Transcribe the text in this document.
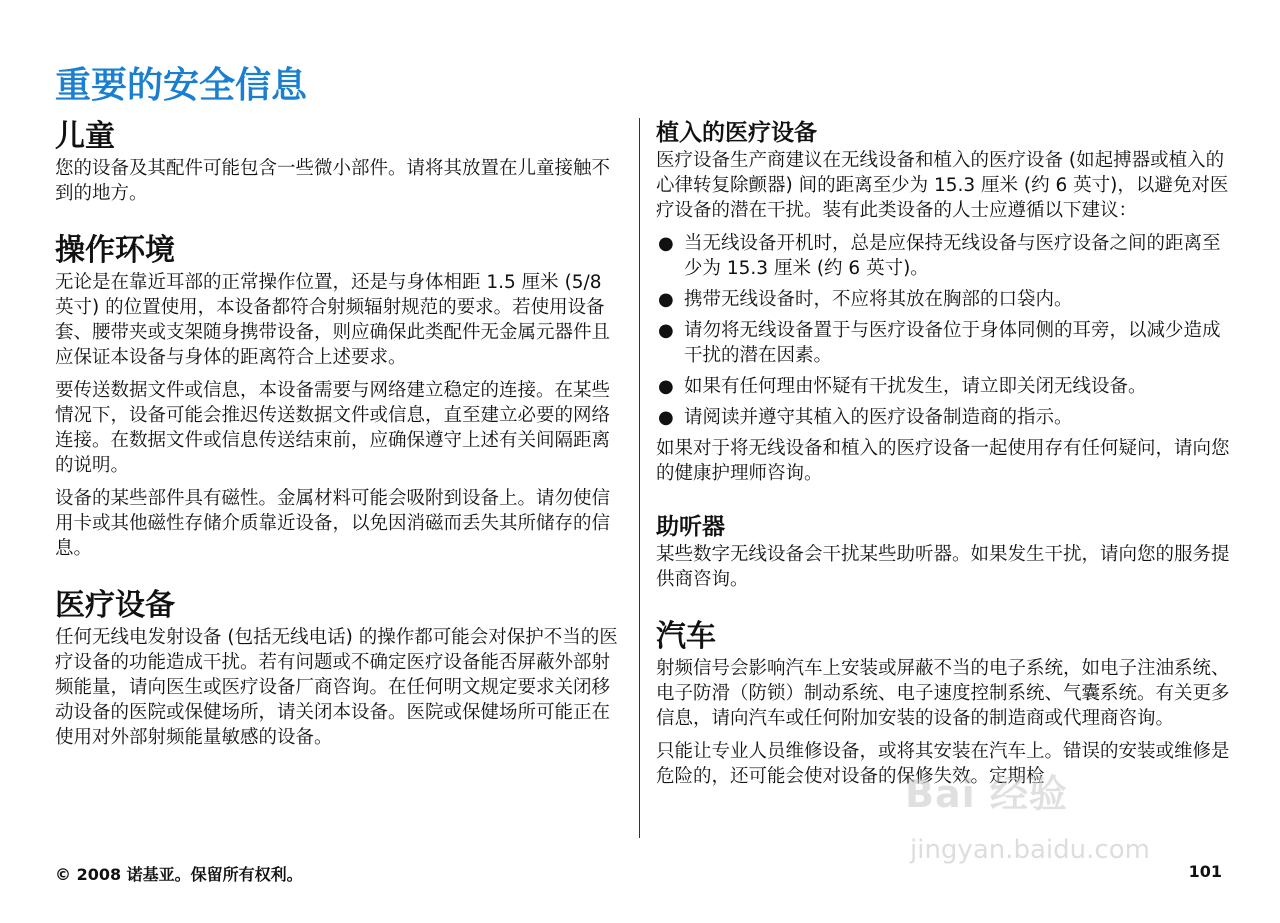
重要的安全信息
儿童

您的设备及其配件可能包含一些微小部件。请将其放置在儿童接触不到的地方。

操作环境

无论是在靠近耳部的正常操作位置，还是与身体相距 1.5 厘米 (5/8 英寸) 的位置使用，本设备都符合射频辐射规范的要求。若使用设备套、腰带夹或支架随身携带设备，则应确保此类配件无金属元器件且应保证本设备与身体的距离符合上述要求。

要传送数据文件或信息，本设备需要与网络建立稳定的连接。在某些情况下，设备可能会推迟传送数据文件或信息，直至建立必要的网络连接。在数据文件或信息传送结束前，应确保遵守上述有关间隔距离的说明。

设备的某些部件具有磁性。金属材料可能会吸附到设备上。请勿使信用卡或其他磁性存储介质靠近设备，以免因消磁而丢失其所储存的信息。

医疗设备

任何无线电发射设备 (包括无线电话) 的操作都可能会对保护不当的医疗设备的功能造成干扰。若有问题或不确定医疗设备能否屏蔽外部射频能量，请向医生或医疗设备厂商咨询。在任何明文规定要求关闭移动设备的医院或保健场所，请关闭本设备。医院或保健场所可能正在使用对外部射频能量敏感的设备。

植入的医疗设备

医疗设备生产商建议在无线设备和植入的医疗设备 (如起搏器或植入的心律转复除颤器) 间的距离至少为 15.3 厘米 (约 6 英寸)，以避免对医疗设备的潜在干扰。装有此类设备的人士应遵循以下建议：

● 当无线设备开机时，总是应保持无线设备与医疗设备之间的距离至少为 15.3 厘米 (约 6 英寸)。
● 携带无线设备时，不应将其放在胸部的口袋内。
● 请勿将无线设备置于与医疗设备位于身体同侧的耳旁，以减少造成干扰的潜在因素。
● 如果有任何理由怀疑有干扰发生，请立即关闭无线设备。
● 请阅读并遵守其植入的医疗设备制造商的指示。

如果对于将无线设备和植入的医疗设备一起使用存有任何疑问，请向您的健康护理师咨询。

助听器

某些数字无线设备会干扰某些助听器。如果发生干扰，请向您的服务提供商咨询。

汽车

射频信号会影响汽车上安装或屏蔽不当的电子系统，如电子注油系统、电子防滑（防锁）制动系统、电子速度控制系统、气囊系统。有关更多信息，请向汽车或任何附加安装的设备的制造商或代理商咨询。

只能让专业人员维修设备，或将其安装在汽车上。错误的安装或维修是危险的，还可能会使对设备的保修失效。定期检

Bai 经验
jingyan.baidu.com
© 2008 诺基亚。保留所有权利。	101
